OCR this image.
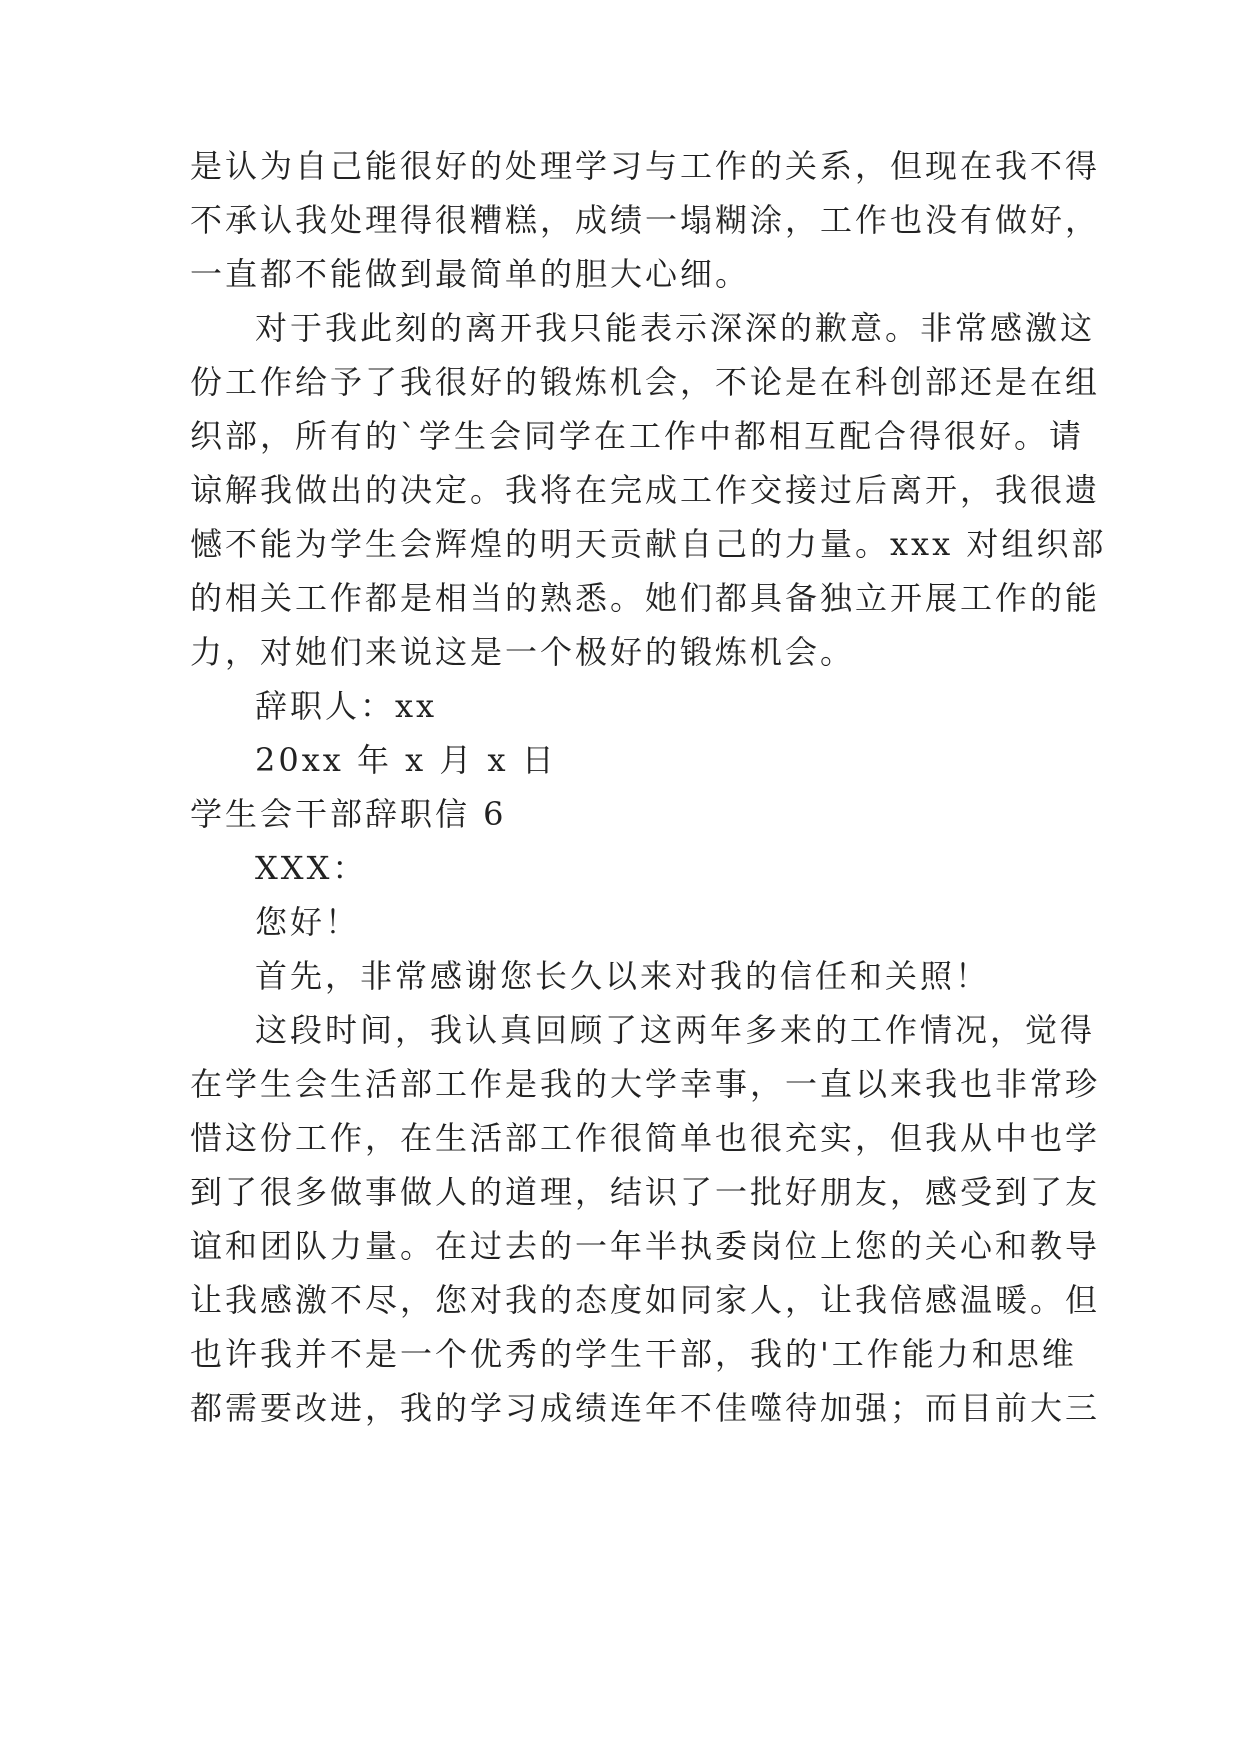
是认为自己能很好的处理学习与工作的关系，但现在我不得
不承认我处理得很糟糕，成绩一塌糊涂，工作也没有做好，
一直都不能做到最简单的胆大心细。
对于我此刻的离开我只能表示深深的歉意。非常感激这
份工作给予了我很好的锻炼机会，不论是在科创部还是在组
织部，所有的`学生会同学在工作中都相互配合得很好。请
谅解我做出的决定。我将在完成工作交接过后离开，我很遗
憾不能为学生会辉煌的明天贡献自己的力量。xxx 对组织部
的相关工作都是相当的熟悉。她们都具备独立开展工作的能
力，对她们来说这是一个极好的锻炼机会。
辞职人：xx
20xx 年 x 月 x 日
学生会干部辞职信 6
XXX：
您好！
首先，非常感谢您长久以来对我的信任和关照！
这段时间，我认真回顾了这两年多来的工作情况，觉得
在学生会生活部工作是我的大学幸事，一直以来我也非常珍
惜这份工作，在生活部工作很简单也很充实，但我从中也学
到了很多做事做人的道理，结识了一批好朋友，感受到了友
谊和团队力量。在过去的一年半执委岗位上您的关心和教导
让我感激不尽，您对我的态度如同家人，让我倍感温暖。但
也许我并不是一个优秀的学生干部，我的'工作能力和思维
都需要改进，我的学习成绩连年不佳噬待加强；而目前大三
